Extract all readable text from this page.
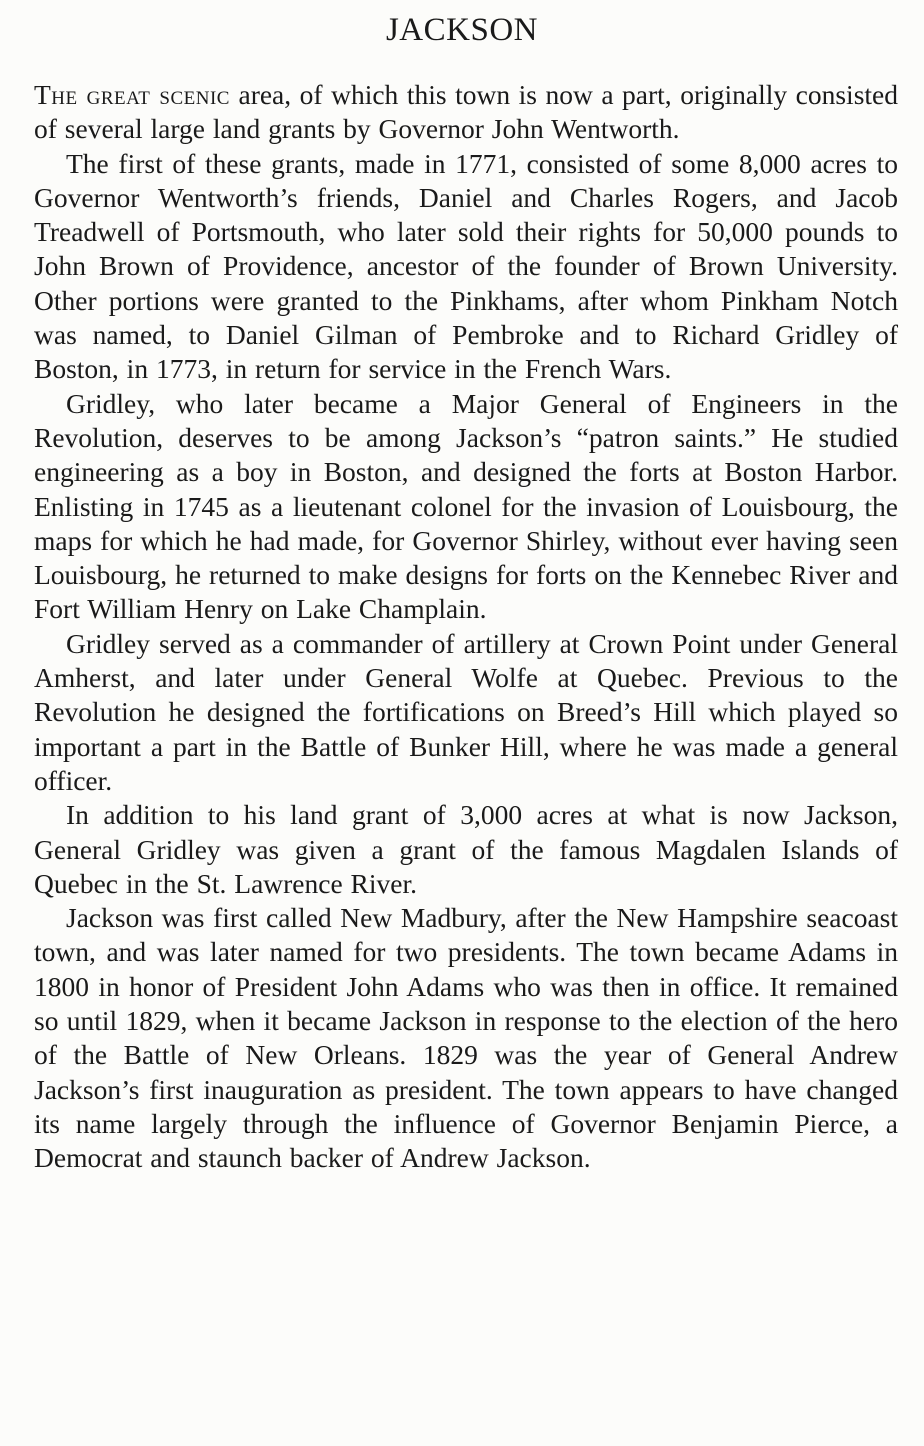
JACKSON

The great scenic area, of which this town is now a part, originally consisted of several large land grants by Governor John Wentworth.

The first of these grants, made in 1771, consisted of some 8,000 acres to Governor Wentworth’s friends, Daniel and Charles Rogers, and Jacob Treadwell of Portsmouth, who later sold their rights for 50,000 pounds to John Brown of Providence, ancestor of the founder of Brown University. Other portions were granted to the Pinkhams, after whom Pinkham Notch was named, to Daniel Gilman of Pembroke and to Richard Gridley of Boston, in 1773, in return for service in the French Wars.

Gridley, who later became a Major General of Engineers in the Revolution, deserves to be among Jackson’s “patron saints.” He studied engineering as a boy in Boston, and designed the forts at Boston Harbor. Enlisting in 1745 as a lieutenant colonel for the invasion of Louisbourg, the maps for which he had made, for Governor Shirley, without ever having seen Louisbourg, he returned to make designs for forts on the Kennebec River and Fort William Henry on Lake Champlain.

Gridley served as a commander of artillery at Crown Point under General Amherst, and later under General Wolfe at Quebec. Previous to the Revolution he designed the fortifications on Breed’s Hill which played so important a part in the Battle of Bunker Hill, where he was made a general officer.

In addition to his land grant of 3,000 acres at what is now Jackson, General Gridley was given a grant of the famous Magdalen Islands of Quebec in the St. Lawrence River.

Jackson was first called New Madbury, after the New Hampshire seacoast town, and was later named for two presidents. The town became Adams in 1800 in honor of President John Adams who was then in office. It remained so until 1829, when it became Jackson in response to the election of the hero of the Battle of New Orleans. 1829 was the year of General Andrew Jackson’s first inauguration as president. The town appears to have changed its name largely through the influence of Governor Benjamin Pierce, a Democrat and staunch backer of Andrew Jackson.
